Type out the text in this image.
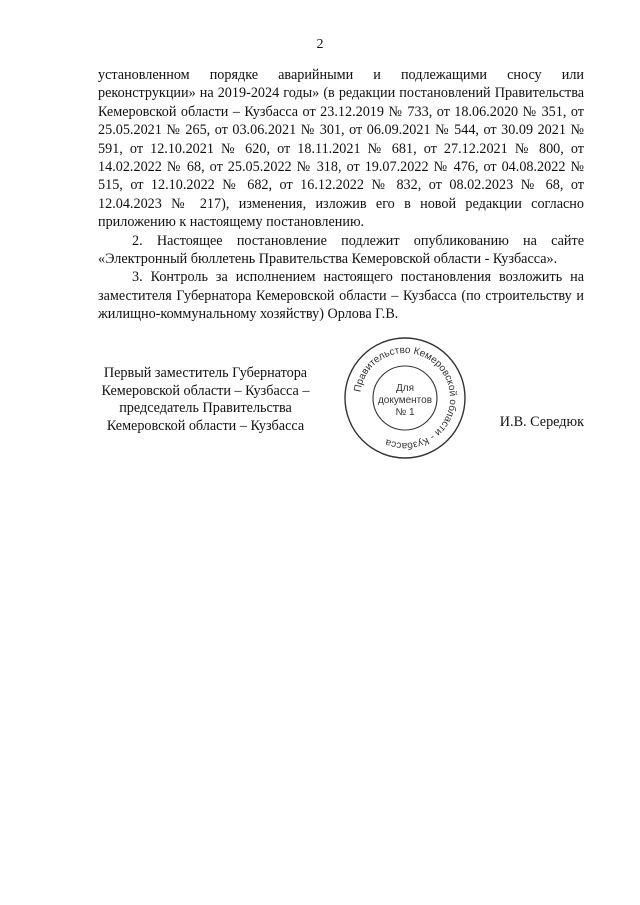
2

установленном порядке аварийными и подлежащими сносу или реконструкции» на 2019-2024 годы» (в редакции постановлений Правительства Кемеровской области – Кузбасса от 23.12.2019 № 733, от 18.06.2020 № 351, от 25.05.2021 № 265, от 03.06.2021 № 301, от 06.09.2021 № 544, от 30.09 2021 № 591, от 12.10.2021 № 620, от 18.11.2021 № 681, от 27.12.2021 № 800, от 14.02.2022 № 68, от 25.05.2022 № 318, от 19.07.2022 № 476, от 04.08.2022 № 515, от 12.10.2022 № 682, от 16.12.2022 № 832, от 08.02.2023 № 68, от 12.04.2023 № 217), изменения, изложив его в новой редакции согласно приложению к настоящему постановлению.

2. Настоящее постановление подлежит опубликованию на сайте «Электронный бюллетень Правительства Кемеровской области - Кузбасса».

3. Контроль за исполнением настоящего постановления возложить на заместителя Губернатора Кемеровской области – Кузбасса (по строительству и жилищно-коммунальному хозяйству) Орлова Г.В.

Первый заместитель Губернатора
Кемеровской области – Кузбасса –
председатель Правительства
Кемеровской области – Кузбасса	И.В. Середюк
Правительство Кемеровской области - Кузбасса
Для
документов
№ 1
